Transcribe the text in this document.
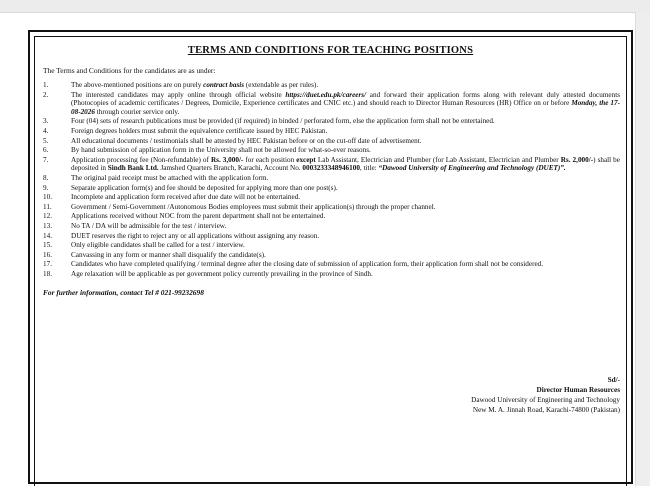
TERMS AND CONDITIONS FOR TEACHING POSITIONS
The Terms and Conditions for the candidates are as under:
1.	The above-mentioned positions are on purely contract basis (extendable as per rules).
2.	The interested candidates may apply online through official website https://duet.edu.pk/careers/ and forward their application forms along with relevant duly attested documents (Photocopies of academic certificates / Degrees, Domicile, Experience certificates and CNIC etc.) and should reach to Director Human Resources (HR) Office on or before Monday, the 17-08-2026 through courier service only.
3.	Four (04) sets of research publications must be provided (if required) in binded / perforated form, else the application form shall not be entertained.
4.	Foreign degrees holders must submit the equivalence certificate issued by HEC Pakistan.
5.	All educational documents / testimonials shall be attested by HEC Pakistan before or on the cut-off date of advertisement.
6.	By hand submission of application form in the University shall not be allowed for what-so-ever reasons.
7.	Application processing fee (Non-refundable) of Rs. 3,000/- for each position except Lab Assistant, Electrician and Plumber (for Lab Assistant, Electrician and Plumber Rs. 2,000/-) shall be deposited in Sindh Bank Ltd. Jamshed Quarters Branch, Karachi, Account No. 0003233348946100, title: “Dawood University of Engineering and Technology (DUET)”.
8.	The original paid receipt must be attached with the application form.
9.	Separate application form(s) and fee should be deposited for applying more than one post(s).
10.	Incomplete and application form received after due date will not be entertained.
11.	Government / Semi-Government /Autonomous Bodies employees must submit their application(s) through the proper channel.
12.	Applications received without NOC from the parent department shall not be entertained.
13.	No TA / DA will be admissible for the test / interview.
14.	DUET reserves the right to reject any or all applications without assigning any reason.
15.	Only eligible candidates shall be called for a test / interview.
16.	Canvassing in any form or manner shall disqualify the candidate(s).
17.	Candidates who have completed qualifying / terminal degree after the closing date of submission of application form, their application form shall not be considered.
18.	Age relaxation will be applicable as per government policy currently prevailing in the province of Sindh.
For further information, contact Tel # 021-99232698
Sd/-
Director Human Resources
Dawood University of Engineering and Technology
New M. A. Jinnah Road, Karachi-74800 (Pakistan)
